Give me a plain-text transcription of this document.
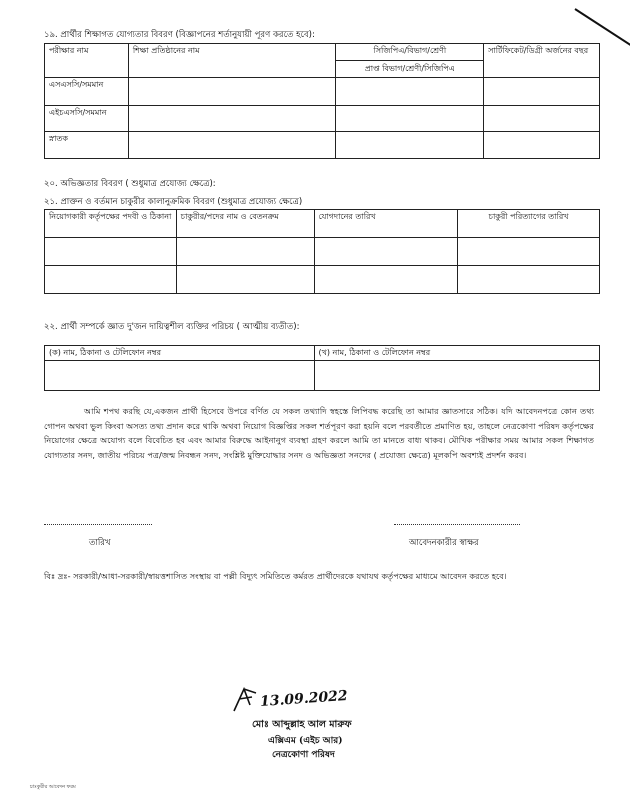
১৯. প্রার্থীর শিক্ষাগত যোগ্যতার বিবরণ (বিজ্ঞাপনের শর্তানুযায়ী পূরণ করতে হবে):
পরীক্ষার নাম	শিক্ষা প্রতিষ্ঠানের নাম	সিজিপিএ/বিভাগ/শ্রেণী
প্রাপ্ত বিভাগ/শ্রেণী/সিজিপিএ	সার্টিফিকেট/ডিগ্রী অর্জনের বছর
এসএসসি/সমমান			
এইচএসসি/সমমান			
স্নাতক			
২০. অভিজ্ঞতার বিবরণ ( শুধুমাত্র প্রযোজ্য ক্ষেত্রে):
২১. প্রাক্তন ও বর্তমান চাকুরীর কালানুক্রমিক বিবরণ (শুধুমাত্র প্রযোজ্য ক্ষেত্রে)
নিয়োগকারী কর্তৃপক্ষের পদবী ও ঠিকানা	চাকুরীর/পদের নাম ও বেতনক্রম	যোগদানের তারিখ	চাকুরী পরিত্যাগের তারিখ

২২. প্রার্থী সম্পর্কে জ্ঞাত দু'জন দায়িত্বশীল ব্যক্তির পরিচয় ( আত্মীয় ব্যতীত):
(ক) নাম, ঠিকানা ও টেলিফোন নম্বর	(খ) নাম, ঠিকানা ও টেলিফোন নম্বর

আমি শপথ করছি যে,একজন প্রার্থী হিসেবে উপরে বর্ণিত যে সকল তথ্যাদি স্বহস্তে লিপিবদ্ধ করেছি তা আমার জ্ঞাতসারে সঠিক। যদি আবেদনপত্রে কোন তথ্য গোপন অথবা ভুল কিংবা অসত্য তথ্য প্রদান করে থাকি অথবা নিয়োগ বিজ্ঞপ্তির সকল শর্তপূরণ করা হয়নি বলে পরবর্তীতে প্রমাণিত হয়, তাহলে নেত্রকোণা পরিষদ কর্তৃপক্ষের নিয়োগের ক্ষেত্রে অযোগ্য বলে বিবেচিত হব এবং আমার বিরুদ্ধে আইনানুগ ব্যবস্থা গ্রহণ করলে আমি তা মানতে বাধ্য থাকব। মৌখিক পরীক্ষার সময় আমার সকল শিক্ষাগত যোগ্যতার সনদ, জাতীয় পরিচয় পত্র/জন্ম নিবন্ধন সনদ, সংশ্লিষ্ট মুক্তিযোদ্ধার সনদ ও অভিজ্ঞতা সনদের ( প্রযোজ্য ক্ষেত্রে) মূলকপি অবশ্যই প্রদর্শন করব।
তারিখ	আবেদনকারীর স্বাক্ষর
বিঃ দ্রঃ- সরকারী/আধা-সরকারী/স্বায়ত্তশাসিত সংস্থায় বা পল্লী বিদ্যুৎ সমিতিতে কর্মরত প্রার্থীদেরকে যথাযথ কর্তৃপক্ষের মাধ্যমে আবেদন করতে হবে।
13.09.2022
মোঃ আব্দুল্লাহ আল মারুফ
এক্সিএম (এইচ আর)
নেত্রকোণা পরিষদ
চাঃকুরীর আবেদন ফরম
